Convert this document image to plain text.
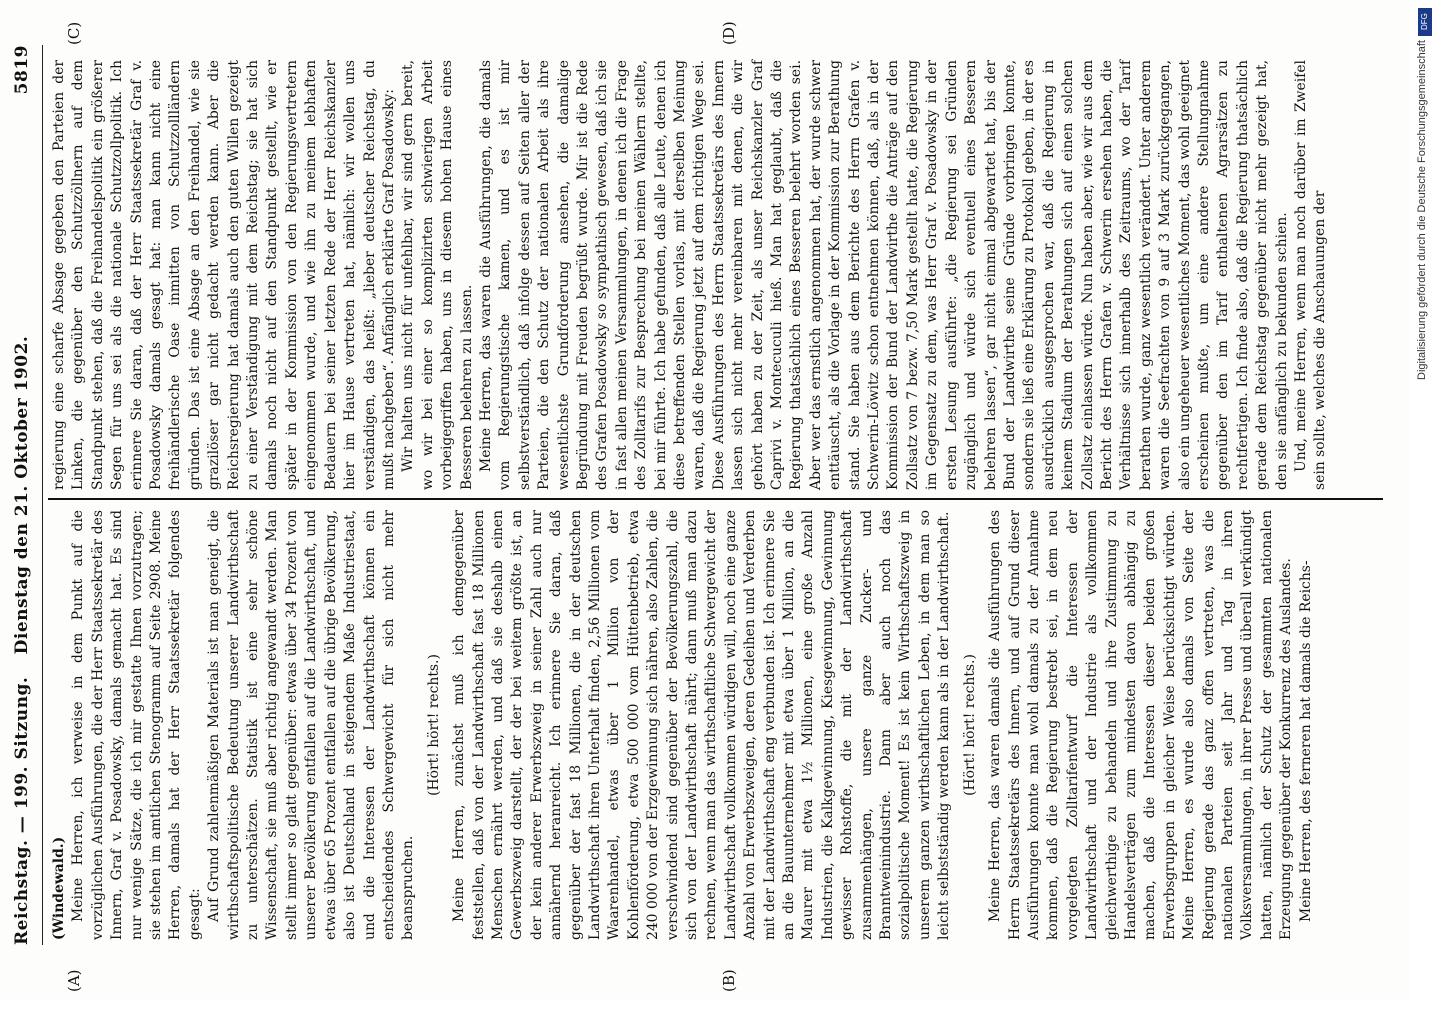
Reichstag. — 199. Sitzung.
Dienstag den 21. Oktober 1902.
5819
(A)	(B)
(C)	(D)

(Windewald.) Meine Herren, ich verweise in dem Punkt auf die vorzüglichen Ausführungen, die der Herr Staatssekretär des Innern, Graf v. Posadowsky, damals gemacht hat. Es sind nur wenige Sätze, die ich mir gestatte Ihnen vorzutragen; sie stehen im amtlichen Stenogramm auf Seite 2908. Meine Herren, damals hat der Herr Staatssekretär folgendes gesagt: Auf Grund zahlenmäßigen Materials ist man geneigt, die wirthschaftspolitische Bedeutung unserer Landwirthschaft zu unterschätzen. Statistik ist eine sehr schöne Wissenschaft, sie muß aber richtig angewandt werden. Man stellt immer so glatt gegenüber: etwas über 34 Prozent von unserer Bevölkerung entfallen auf die Landwirthschaft, und etwas über 65 Prozent entfallen auf die übrige Bevölkerung, also ist Deutschland in steigendem Maße Industriestaat, und die Interessen der Landwirthschaft können ein entscheidendes Schwergewicht für sich nicht mehr beanspruchen.

(Hört! hört! rechts.) Meine Herren, zunächst muß ich demgegenüber feststellen, daß von der Landwirthschaft fast 18 Millionen Menschen ernährt werden, und daß sie deshalb einen Gewerbszweig darstellt, der der bei weitem größte ist, an der kein anderer Erwerbszweig in seiner Zahl auch nur annähernd heranreicht. Ich erinnere Sie daran, daß gegenüber der fast 18 Millionen, die in der deutschen Landwirthschaft ihren Unterhalt finden, 2,56 Millionen vom Waarenhandel, etwas über 1 Million von der Kohlenförderung, etwa 500 000 vom Hüttenbetrieb, etwa 240 000 von der Erzgewinnung sich nähren, also Zahlen, die verschwindend sind gegenüber der Bevölkerungszahl, die sich von der Landwirthschaft nährt; dann muß man dazu rechnen, wenn man das wirthschaftliche Schwergewicht der Landwirthschaft vollkommen würdigen will, noch eine ganze Anzahl von Erwerbszweigen, deren Gedeihen und Verderben mit der Landwirthschaft eng verbunden ist. Ich erinnere Sie an die Bauunternehmer mit etwa über 1 Million, an die Maurer mit etwa 1½ Millionen, eine große Anzahl Industrien, die Kalkgewinnung, Kiesgewinnung, Gewinnung gewisser Rohstoffe, die mit der Landwirthschaft zusammenhängen, unsere ganze Zucker- und Branntweinindustrie. Dann aber auch noch das sozialpolitische Moment! Es ist kein Wirthschaftszweig in unserem ganzen wirthschaftlichen Leben, in dem man so leicht selbstständig werden kann als in der Landwirthschaft. (Hört! hört! rechts.) Meine Herren, das waren damals die Ausführungen des Herrn Staatssekretärs des Innern, und auf Grund dieser Ausführungen konnte man wohl damals zu der Annahme kommen, daß die Regierung bestrebt sei, in dem neu vorgelegten Zolltarifentwurf die Interessen der Landwirthschaft und der Industrie als vollkommen gleichwerthige zu behandeln und ihre Zustimmung zu Handelsverträgen zum mindesten davon abhängig zu machen, daß die Interessen dieser beiden großen Erwerbsgruppen in gleicher Weise berücksichtigt würden. Meine Herren, es wurde also damals von Seite der Regierung gerade das ganz offen vertreten, was die nationalen Parteien seit Jahr und Tag in ihren Volksversammlungen, in ihrer Presse und überall verkündigt hatten, nämlich der Schutz der gesammten nationalen Erzeugung gegenüber der Konkurrenz des Auslandes. Meine Herren, des ferneren hat damals die Reichs-

regierung eine scharfe Absage gegeben den Parteien der Linken, die gegenüber den Schutzzöllnern auf dem Standpunkt stehen, daß die Freihandelspolitik ein größerer Segen für uns sei als die nationale Schutzzollpolitik. Ich erinnere Sie daran, daß der Herr Staatssekretär Graf v. Posadowsky damals gesagt hat: man kann nicht eine freihändlerische Oase inmitten von Schutzzollländern gründen. Das ist eine Absage an den Freihandel, wie sie grazilöser gar nicht gedacht werden kann. Aber die Reichsregierung hat damals auch den guten Willen gezeigt zu einer Verständigung mit dem Reichstag; sie hat sich damals noch nicht auf den Standpunkt gestellt, wie er später in der Kommission von den Regierungsvertretern eingenommen wurde, und wie ihn zu meinem lebhaften Bedauern bei seiner letzten Rede der Herr Reichskanzler hier im Hause vertreten hat, nämlich: wir wollen uns verständigen, das heißt: „lieber deutscher Reichstag, du mußt nachgeben“. Anfänglich erklärte Graf Posadowsky: Wir halten uns nicht für unfehlbar, wir sind gern bereit, wo wir bei einer so komplizirten schwierigen Arbeit vorbeigegriffen haben, uns in diesem hohen Hause eines Besseren belehren zu lassen. Meine Herren, das waren die Ausführungen, die damals vom Regierungstische kamen, und es ist mir selbstverständlich, daß infolge dessen auf Seiten aller der Parteien, die den Schutz der nationalen Arbeit als ihre wesentlichste Grundforderung ansehen, die damalige Begründung mit Freuden begrüßt wurde. Mir ist die Rede des Grafen Posadowsky so sympathisch gewesen, daß ich sie in fast allen meinen Versammlungen, in denen ich die Frage des Zolltarifs zur Besprechung bei meinen Wählern stellte, bei mir führte. Ich habe gefunden, daß alle Leute, denen ich diese betreffenden Stellen vorlas, mit derselben Meinung waren, daß die Regierung jetzt auf dem richtigen Wege sei. Diese Ausführungen des Herrn Staatssekretärs des Innern lassen sich nicht mehr vereinbaren mit denen, die wir gehört haben zu der Zeit, als unser Reichskanzler Graf Caprivi v. Montecuculi hieß. Man hat geglaubt, daß die Regierung thatsächlich eines Besseren belehrt worden sei. Aber wer das ernstlich angenommen hat, der wurde schwer enttäuscht, als die Vorlage in der Kommission zur Berathung stand. Sie haben aus dem Berichte des Herrn Grafen v. Schwerin-Löwitz schon entnehmen können, daß, als in der Kommission der Bund der Landwirthe die Anträge auf den Zollsatz von 7 bezw. 7,50 Mark gestellt hatte, die Regierung im Gegensatz zu dem, was Herr Graf v. Posadowsky in der ersten Lesung ausführte: „die Regierung sei Gründen zugänglich und würde sich eventuell eines Besseren belehren lassen“, gar nicht einmal abgewartet hat, bis der Bund der Landwirthe seine Gründe vorbringen konnte, sondern sie ließ eine Erklärung zu Protokoll geben, in der es ausdrücklich ausgesprochen war, daß die Regierung in keinem Stadium der Berathungen sich auf einen solchen Zollsatz einlassen würde. Nun haben aber, wie wir aus dem Bericht des Herrn Grafen v. Schwerin ersehen haben, die Verhältnisse sich innerhalb des Zeitraums, wo der Tarif berathen wurde, ganz wesentlich verändert. Unter anderem waren die Seefrachten von 9 auf 3 Mark zurückgegangen, also ein ungeheuer wesentliches Moment, das wohl geeignet erscheinen mußte, um eine andere Stellungnahme gegenüber den im Tarif enthaltenen Agrarsätzen zu rechtfertigen. Ich finde also, daß die Regierung thatsächlich gerade dem Reichstag gegenüber nicht mehr gezeigt hat, den sie anfänglich zu bekunden schien. Und, meine Herren, wenn man noch darüber im Zweifel sein sollte, welches die Anschauungen der

DFG
Digitalisierung gefördert durch die Deutsche Forschungsgemeinschaft
